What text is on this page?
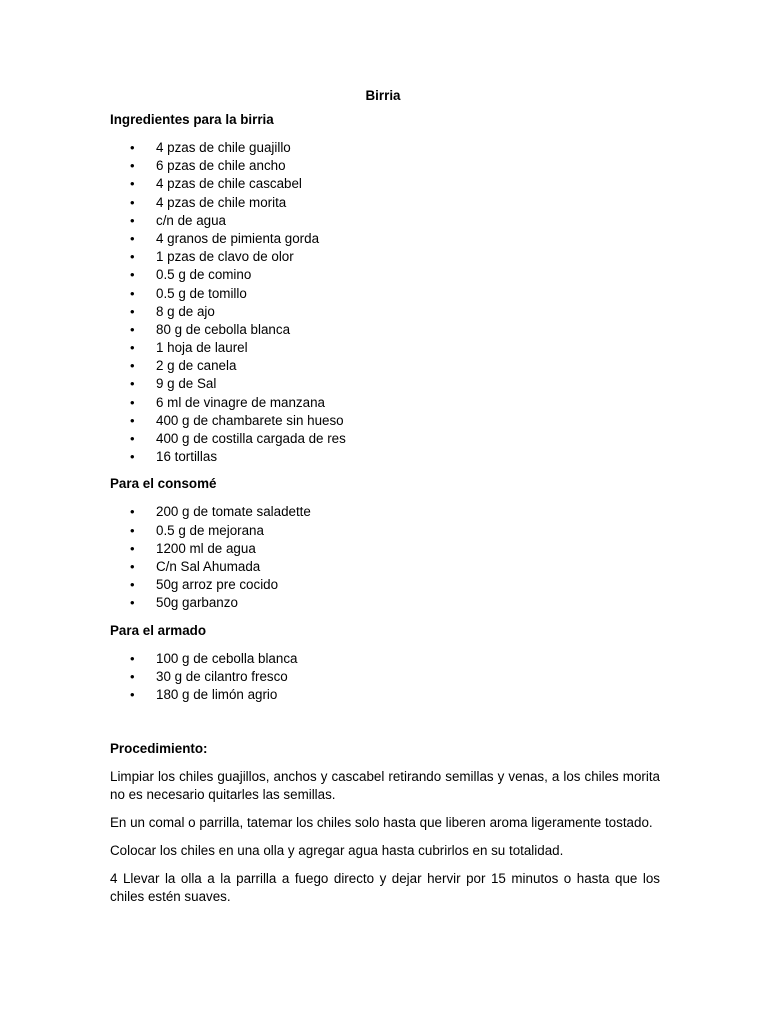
Birria

Ingredientes para la birria

• 4 pzas de chile guajillo
• 6 pzas de chile ancho
• 4 pzas de chile cascabel
• 4 pzas de chile morita
• c/n de agua
• 4 granos de pimienta gorda
• 1 pzas de clavo de olor
• 0.5 g de comino
• 0.5 g de tomillo
• 8 g de ajo
• 80 g de cebolla blanca
• 1 hoja de laurel
• 2 g de canela
• 9 g de Sal
• 6 ml de vinagre de manzana
• 400 g de chambarete sin hueso
• 400 g de costilla cargada de res
• 16 tortillas

Para el consomé

• 200 g de tomate saladette
• 0.5 g de mejorana
• 1200 ml de agua
• C/n Sal Ahumada
• 50g arroz pre cocido
• 50g garbanzo

Para el armado

• 100 g de cebolla blanca
• 30 g de cilantro fresco
• 180 g de limón agrio

Procedimiento:

Limpiar los chiles guajillos, anchos y cascabel retirando semillas y venas, a los chiles morita no es necesario quitarles las semillas.

En un comal o parrilla, tatemar los chiles solo hasta que liberen aroma ligeramente tostado.

Colocar los chiles en una olla y agregar agua hasta cubrirlos en su totalidad.

4 Llevar la olla a la parrilla a fuego directo y dejar hervir por 15 minutos o hasta que los chiles estén suaves.
